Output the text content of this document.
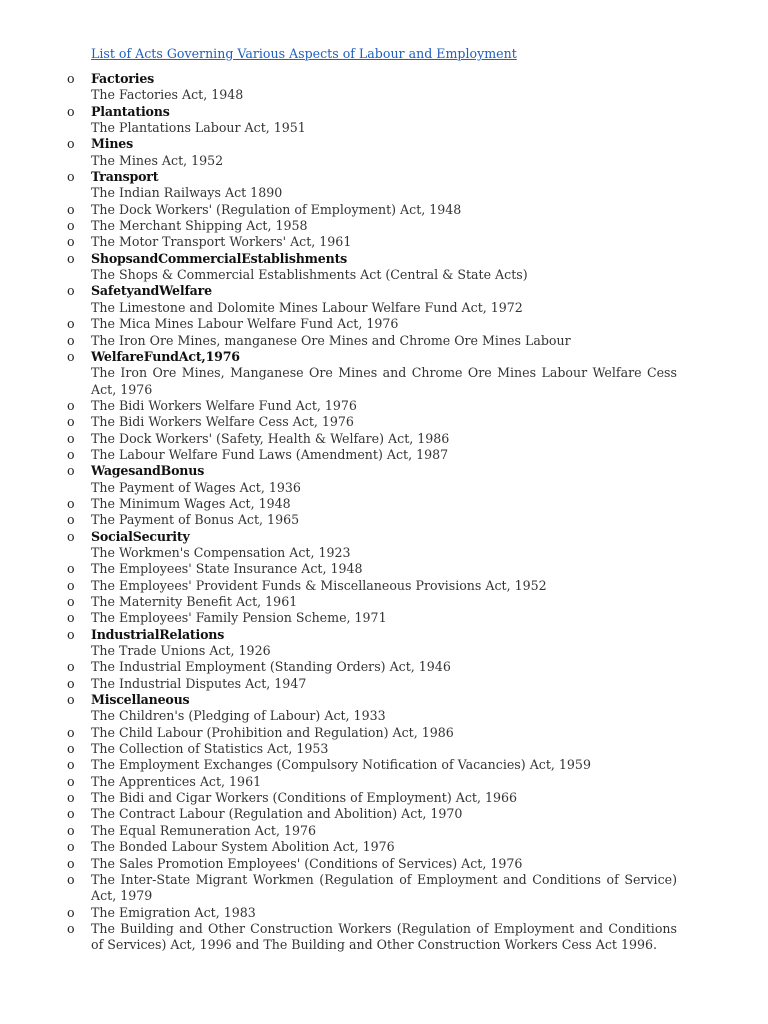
List of Acts Governing Various Aspects of Labour and Employment
o Factories
The Factories Act, 1948
o Plantations
The Plantations Labour Act, 1951
o Mines
The Mines Act, 1952
o Transport
The Indian Railways Act 1890
o The Dock Workers' (Regulation of Employment) Act, 1948
o The Merchant Shipping Act, 1958
o The Motor Transport Workers' Act, 1961
o ShopsandCommercialEstablishments
The Shops & Commercial Establishments Act (Central & State Acts)
o SafetyandWelfare
The Limestone and Dolomite Mines Labour Welfare Fund Act, 1972
o The Mica Mines Labour Welfare Fund Act, 1976
o The Iron Ore Mines, manganese Ore Mines and Chrome Ore Mines Labour
o WelfareFundAct,1976
The Iron Ore Mines, Manganese Ore Mines and Chrome Ore Mines Labour Welfare Cess
Act, 1976
o The Bidi Workers Welfare Fund Act, 1976
o The Bidi Workers Welfare Cess Act, 1976
o The Dock Workers' (Safety, Health & Welfare) Act, 1986
o The Labour Welfare Fund Laws (Amendment) Act, 1987
o WagesandBonus
The Payment of Wages Act, 1936
o The Minimum Wages Act, 1948
o The Payment of Bonus Act, 1965
o SocialSecurity
The Workmen's Compensation Act, 1923
o The Employees' State Insurance Act, 1948
o The Employees' Provident Funds & Miscellaneous Provisions Act, 1952
o The Maternity Benefit Act, 1961
o The Employees' Family Pension Scheme, 1971
o IndustrialRelations
The Trade Unions Act, 1926
o The Industrial Employment (Standing Orders) Act, 1946
o The Industrial Disputes Act, 1947
o Miscellaneous
The Children's (Pledging of Labour) Act, 1933
o The Child Labour (Prohibition and Regulation) Act, 1986
o The Collection of Statistics Act, 1953
o The Employment Exchanges (Compulsory Notification of Vacancies) Act, 1959
o The Apprentices Act, 1961
o The Bidi and Cigar Workers (Conditions of Employment) Act, 1966
o The Contract Labour (Regulation and Abolition) Act, 1970
o The Equal Remuneration Act, 1976
o The Bonded Labour System Abolition Act, 1976
o The Sales Promotion Employees' (Conditions of Services) Act, 1976
o The Inter-State Migrant Workmen (Regulation of Employment and Conditions of Service)
Act, 1979
o The Emigration Act, 1983
o The Building and Other Construction Workers (Regulation of Employment and Conditions
of Services) Act, 1996 and The Building and Other Construction Workers Cess Act 1996.
